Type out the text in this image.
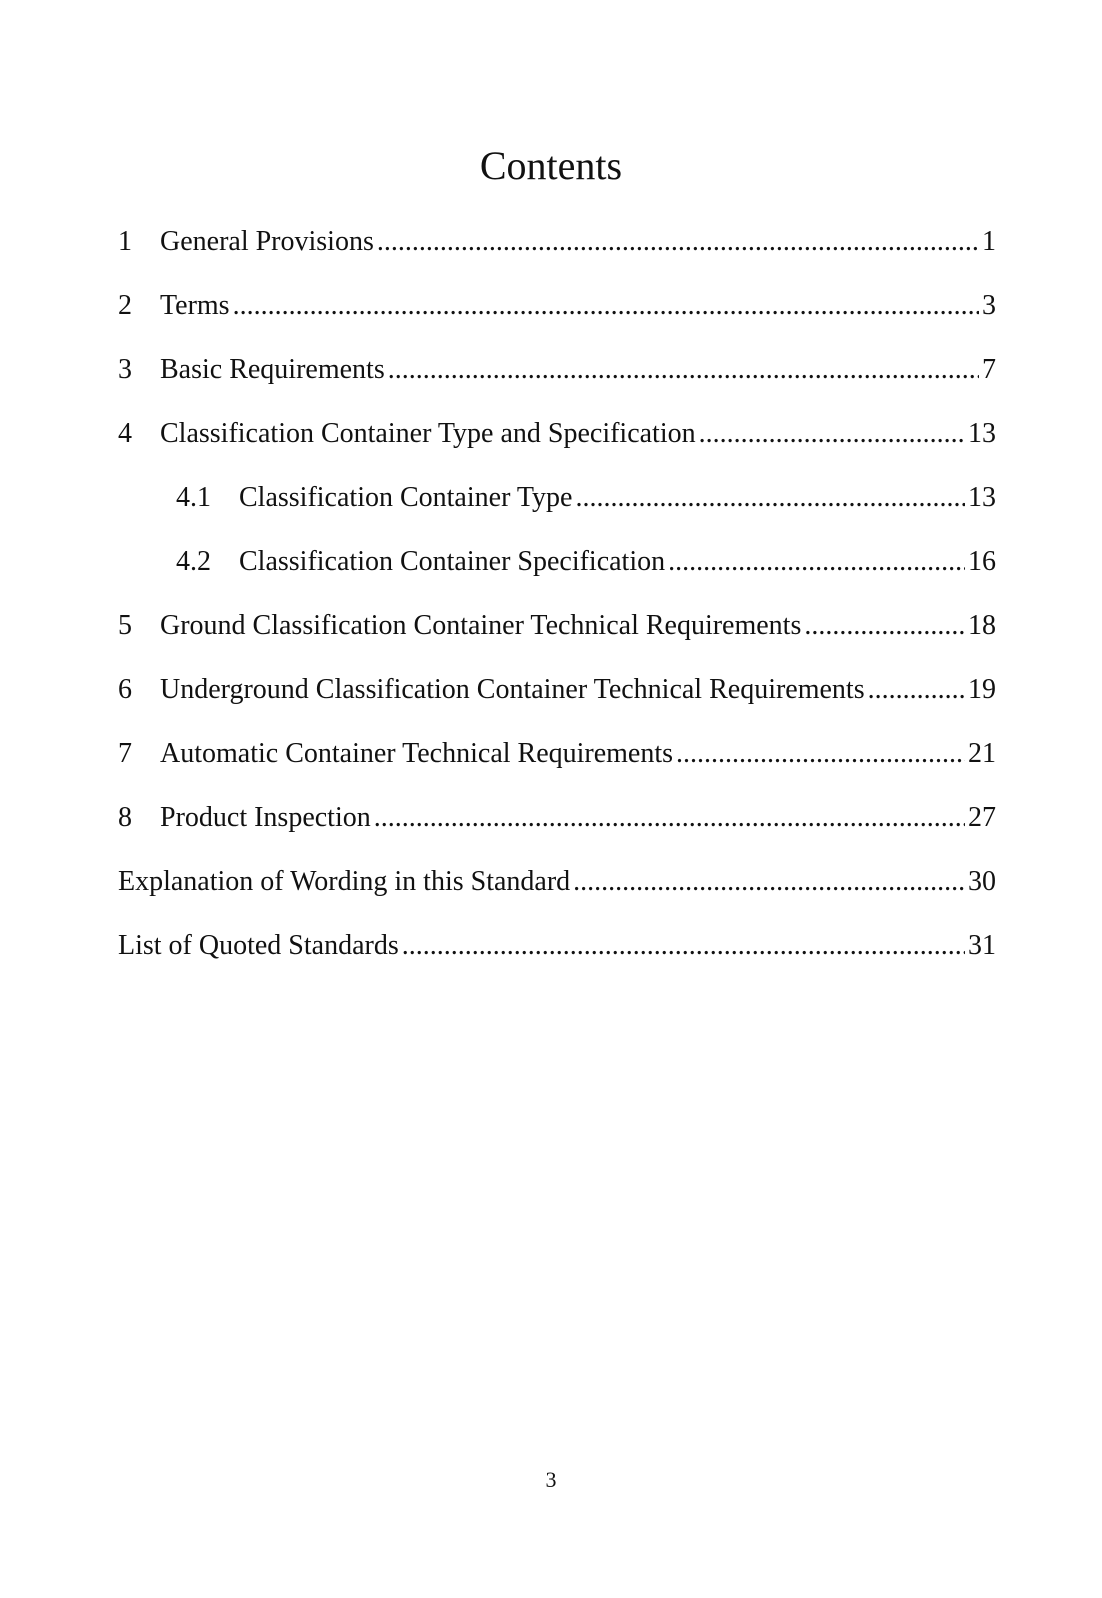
Contents
1	General Provisions .....	1
2	Terms .....	3
3	Basic Requirements .....	7
4	Classification Container Type and Specification .....	13
4.1	Classification Container Type .....	13
4.2	Classification Container Specification .....	16
5	Ground Classification Container Technical Requirements .....	18
6	Underground Classification Container Technical Requirements .....	19
7	Automatic Container Technical Requirements .....	21
8	Product Inspection .....	27
Explanation of Wording in this Standard .....	30
List of Quoted Standards .....	31
3
